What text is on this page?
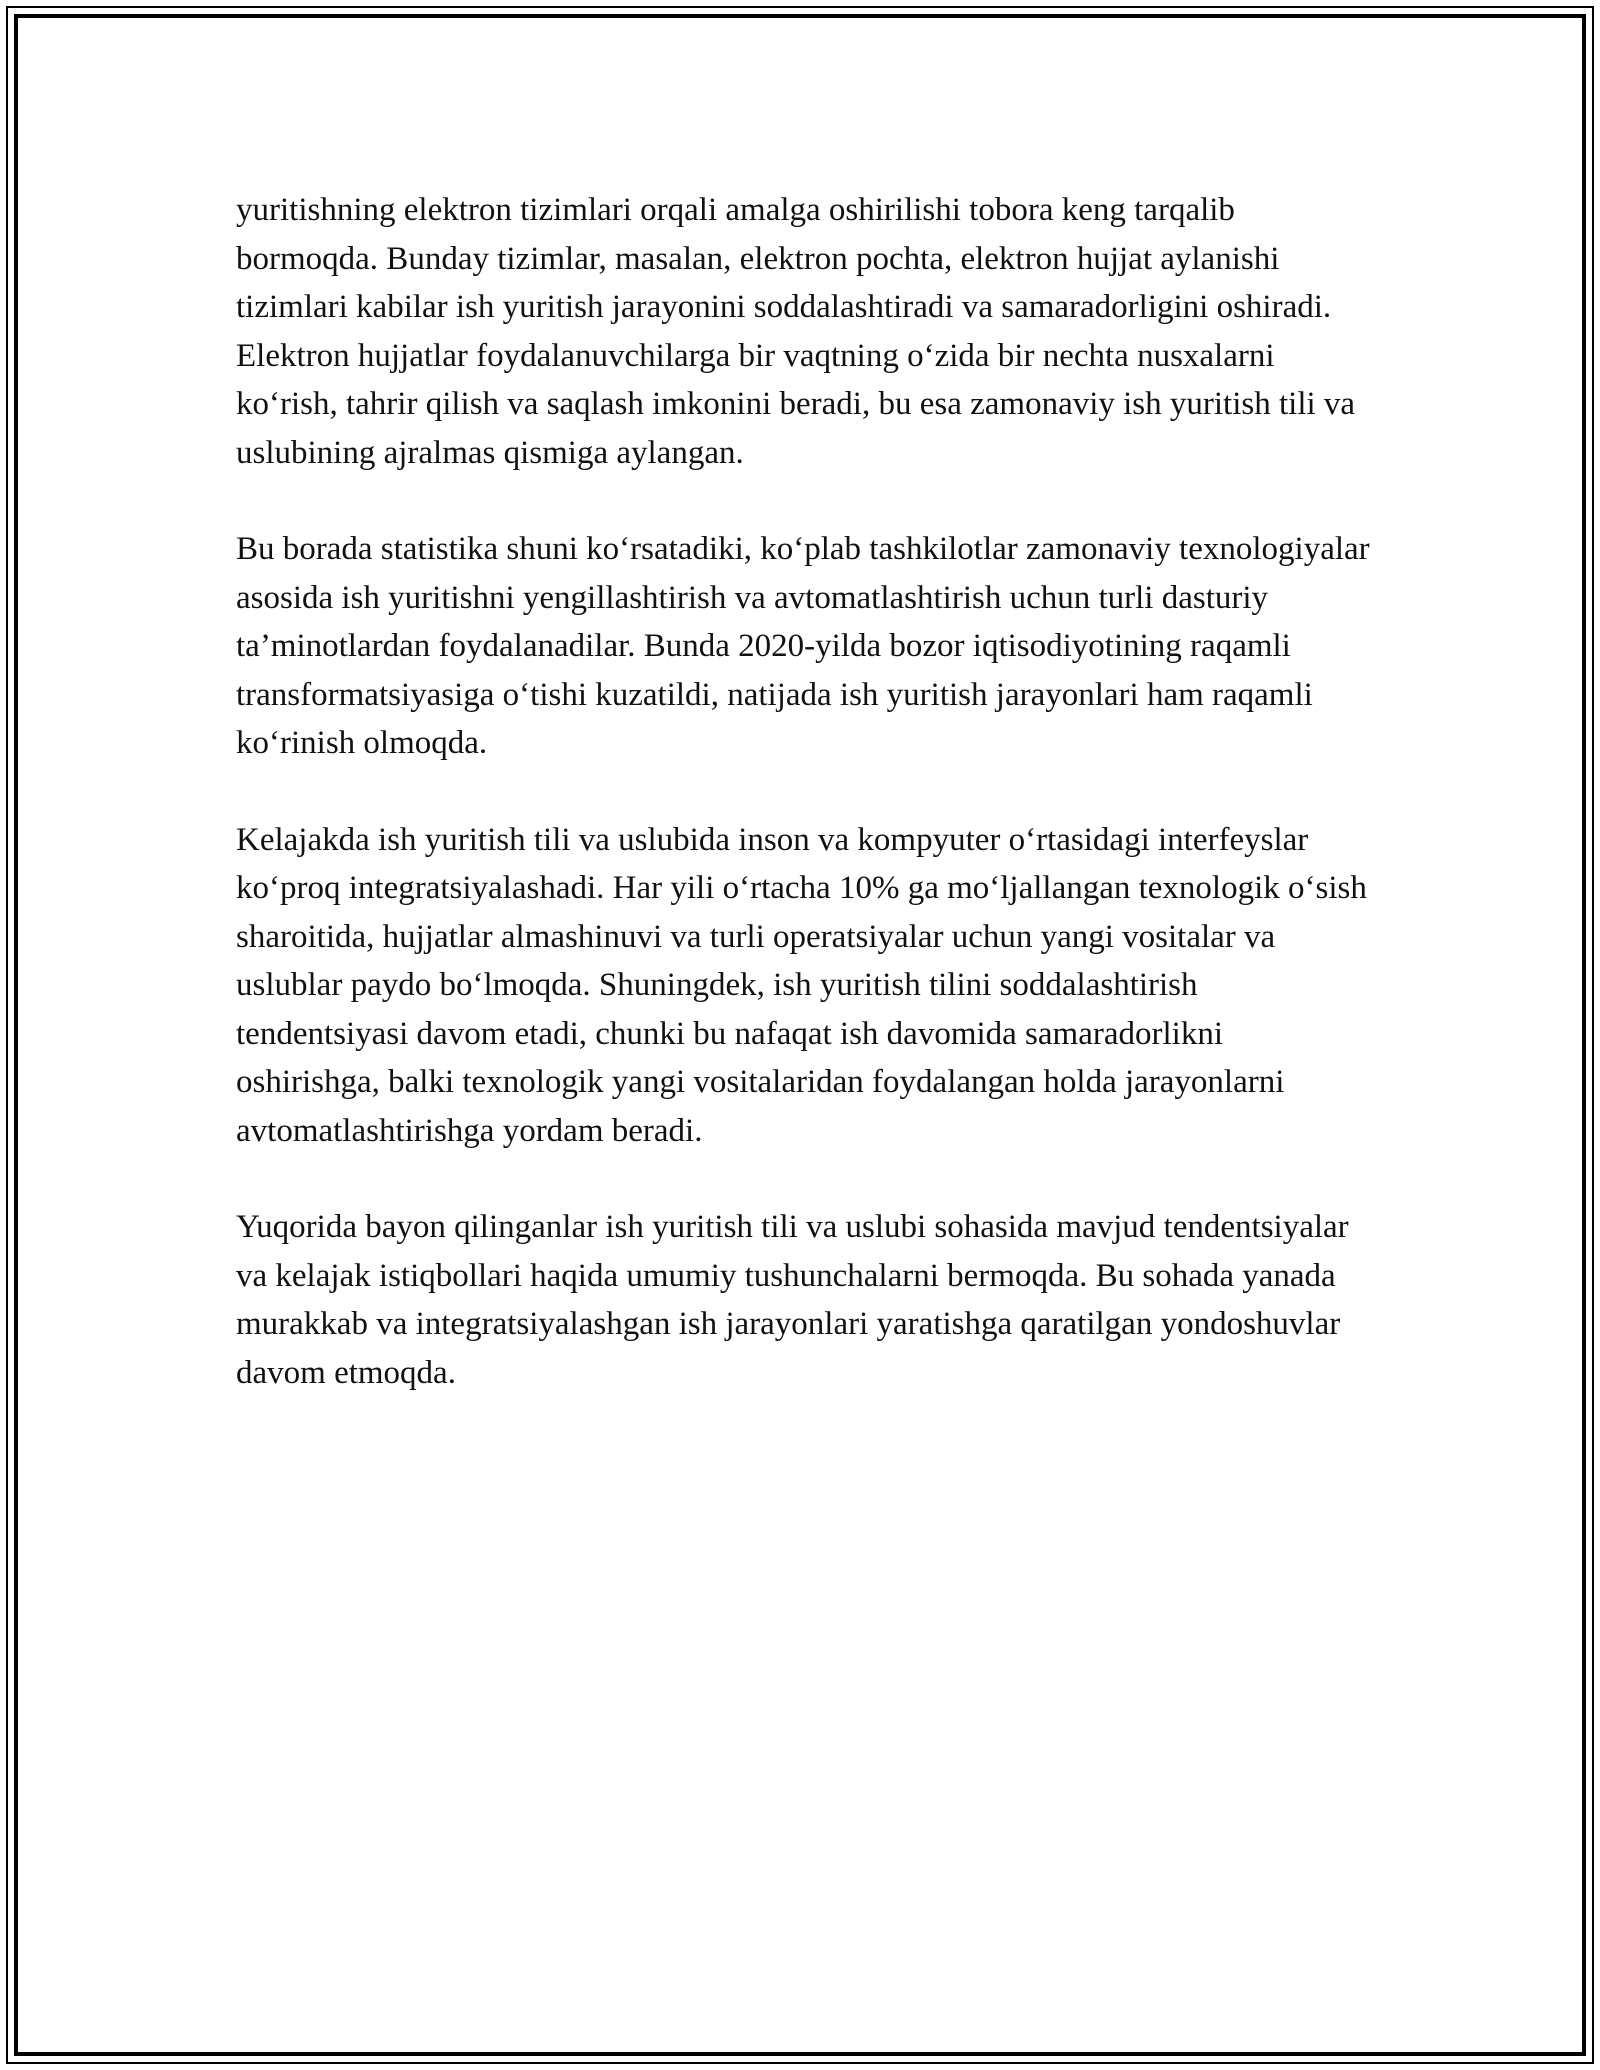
yuritishning elektron tizimlari orqali amalga oshirilishi tobora keng tarqalib bormoqda. Bunday tizimlar, masalan, elektron pochta, elektron hujjat aylanishi tizimlari kabilar ish yuritish jarayonini soddalashtiradi va samaradorligini oshiradi. Elektron hujjatlar foydalanuvchilarga bir vaqtning o‘zida bir nechta nusxalarni ko‘rish, tahrir qilish va saqlash imkonini beradi, bu esa zamonaviy ish yuritish tili va uslubining ajralmas qismiga aylangan.

Bu borada statistika shuni ko‘rsatadiki, ko‘plab tashkilotlar zamonaviy texnologiyalar asosida ish yuritishni yengillashtirish va avtomatlashtirish uchun turli dasturiy ta’minotlardan foydalanadilar. Bunda 2020-yilda bozor iqtisodiyotining raqamli transformatsiyasiga o‘tishi kuzatildi, natijada ish yuritish jarayonlari ham raqamli ko‘rinish olmoqda.

Kelajakda ish yuritish tili va uslubida inson va kompyuter o‘rtasidagi interfeyslar ko‘proq integratsiyalashadi. Har yili o‘rtacha 10% ga mo‘ljallangan texnologik o‘sish sharoitida, hujjatlar almashinuvi va turli operatsiyalar uchun yangi vositalar va uslublar paydo bo‘lmoqda. Shuningdek, ish yuritish tilini soddalashtirish tendentsiyasi davom etadi, chunki bu nafaqat ish davomida samaradorlikni oshirishga, balki texnologik yangi vositalaridan foydalangan holda jarayonlarni avtomatlashtirishga yordam beradi.

Yuqorida bayon qilinganlar ish yuritish tili va uslubi sohasida mavjud tendentsiyalar va kelajak istiqbollari haqida umumiy tushunchalarni bermoqda. Bu sohada yanada murakkab va integratsiyalashgan ish jarayonlari yaratishga qaratilgan yondoshuvlar davom etmoqda.
